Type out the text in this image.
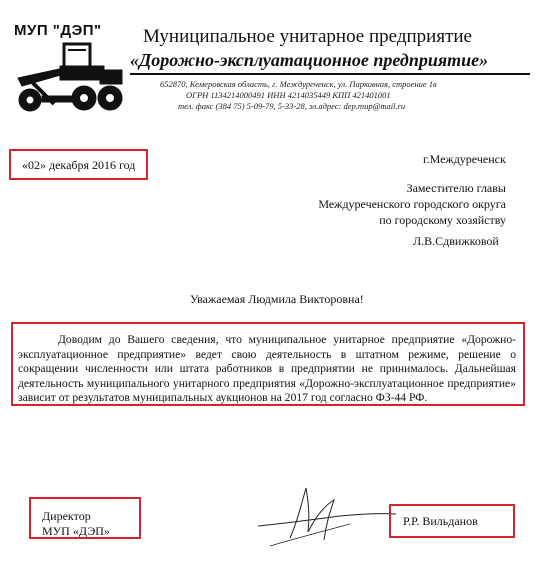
МУП "ДЭП" Муниципальное унитарное предприятие
«Дорожно-эксплуатационное предприятие»
652870, Кемеровская область, г. Междуреченск, ул. Парковная, строение 1в
ОГРН 1134214000491 ИНН 4214035449 КПП 421401001
тел. факс (384 75) 5-09-79, 5-33-28, эл.адрес: dep.mup@mail.ru
«02» декабря 2016 год	г.Междуреченск
Заместителю главы
Междуреченского городского округа
по городскому хозяйству
Л.В.Сдвижковой
Уважаемая Людмила Викторовна!
Доводим до Вашего сведения, что муниципальное унитарное предприятие «Дорожно-эксплуатационное предприятие» ведет свою деятельность в штатном режиме, решение о сокращении численности или штата работников в предприятии не принималось. Дальнейшая деятельность муниципального унитарного предприятия «Дорожно-эксплуатационное предприятие» зависит от результатов муниципальных аукционов на 2017 год согласно ФЗ-44 РФ.
Директор
МУП «ДЭП»
Р.Р. Вильданов
